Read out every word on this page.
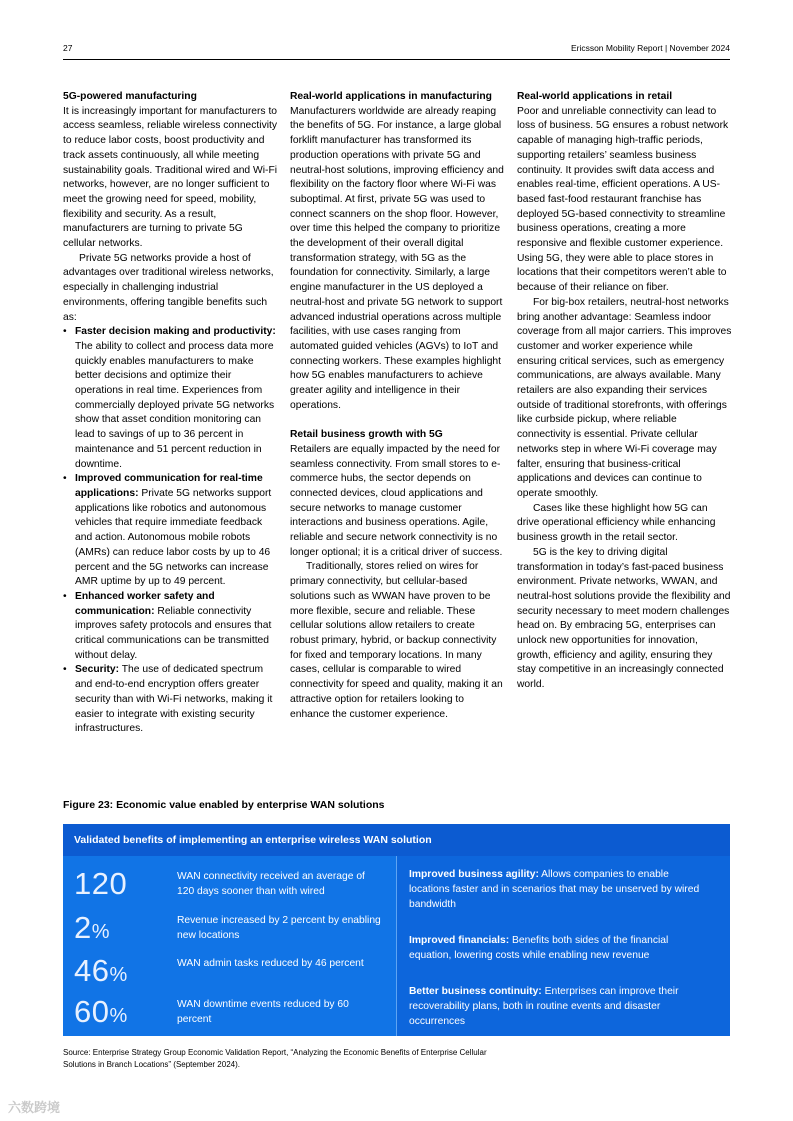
27	Ericsson Mobility Report | November 2024
5G-powered manufacturing

It is increasingly important for manufacturers to access seamless, reliable wireless connectivity to reduce labor costs, boost productivity and track assets continuously, all while meeting sustainability goals. Traditional wired and Wi-Fi networks, however, are no longer sufficient to meet the growing need for speed, mobility, flexibility and security. As a result, manufacturers are turning to private 5G cellular networks.

Private 5G networks provide a host of advantages over traditional wireless networks, especially in challenging industrial environments, offering tangible benefits such as:

• Faster decision making and productivity: The ability to collect and process data more quickly enables manufacturers to make better decisions and optimize their operations in real time. Experiences from commercially deployed private 5G networks show that asset condition monitoring can lead to savings of up to 36 percent in maintenance and 51 percent reduction in downtime.
• Improved communication for real-time applications: Private 5G networks support applications like robotics and autonomous vehicles that require immediate feedback and action. Autonomous mobile robots (AMRs) can reduce labor costs by up to 46 percent and the 5G networks can increase AMR uptime by up to 49 percent.
• Enhanced worker safety and communication: Reliable connectivity improves safety protocols and ensures that critical communications can be transmitted without delay.
• Security: The use of dedicated spectrum and end-to-end encryption offers greater security than with Wi-Fi networks, making it easier to integrate with existing security infrastructures.
Real-world applications in manufacturing

Manufacturers worldwide are already reaping the benefits of 5G. For instance, a large global forklift manufacturer has transformed its production operations with private 5G and neutral-host solutions, improving efficiency and flexibility on the factory floor where Wi-Fi was suboptimal. At first, private 5G was used to connect scanners on the shop floor. However, over time this helped the company to prioritize the development of their overall digital transformation strategy, with 5G as the foundation for connectivity. Similarly, a large engine manufacturer in the US deployed a neutral-host and private 5G network to support advanced industrial operations across multiple facilities, with use cases ranging from automated guided vehicles (AGVs) to IoT and connecting workers. These examples highlight how 5G enables manufacturers to achieve greater agility and intelligence in their operations.

Retail business growth with 5G

Retailers are equally impacted by the need for seamless connectivity. From small stores to e-commerce hubs, the sector depends on connected devices, cloud applications and secure networks to manage customer interactions and business operations. Agile, reliable and secure network connectivity is no longer optional; it is a critical driver of success.

Traditionally, stores relied on wires for primary connectivity, but cellular-based solutions such as WWAN have proven to be more flexible, secure and reliable. These cellular solutions allow retailers to create robust primary, hybrid, or backup connectivity for fixed and temporary locations. In many cases, cellular is comparable to wired connectivity for speed and quality, making it an attractive option for retailers looking to enhance the customer experience.

Real-world applications in retail

Poor and unreliable connectivity can lead to loss of business. 5G ensures a robust network capable of managing high-traffic periods, supporting retailers’ seamless business continuity. It provides swift data access and enables real-time, efficient operations. A US-based fast-food restaurant franchise has deployed 5G-based connectivity to streamline business operations, creating a more responsive and flexible customer experience. Using 5G, they were able to place stores in locations that their competitors weren’t able to because of their reliance on fiber.

For big-box retailers, neutral-host networks bring another advantage: Seamless indoor coverage from all major carriers. This improves customer and worker experience while ensuring critical services, such as emergency communications, are always available. Many retailers are also expanding their services outside of traditional storefronts, with offerings like curbside pickup, where reliable connectivity is essential. Private cellular networks step in where Wi-Fi coverage may falter, ensuring that business-critical applications and devices can continue to operate smoothly.

Cases like these highlight how 5G can drive operational efficiency while enhancing business growth in the retail sector.

5G is the key to driving digital transformation in today’s fast-paced business environment. Private networks, WWAN, and neutral-host solutions provide the flexibility and security necessary to meet modern challenges head on. By embracing 5G, enterprises can unlock new opportunities for innovation, growth, efficiency and agility, ensuring they stay competitive in an increasingly connected world.

Figure 23: Economic value enabled by enterprise WAN solutions
Validated benefits of implementing an enterprise wireless WAN solution
120	WAN connectivity received an average of 120 days sooner than with wired
2%
Revenue increased by 2 percent by enabling new locations
46%
WAN admin tasks reduced by 46 percent
60%
WAN downtime events reduced by 60 percent
Improved business agility: Allows companies to enable locations faster and in scenarios that may be unserved by wired bandwidth
Improved financials: Benefits both sides of the financial equation, lowering costs while enabling new revenue
Better business continuity: Enterprises can improve their recoverability plans, both in routine events and disaster occurrences
Source: Enterprise Strategy Group Economic Validation Report, “Analyzing the Economic Benefits of Enterprise Cellular Solutions in Branch Locations” (September 2024).
六数跨境
